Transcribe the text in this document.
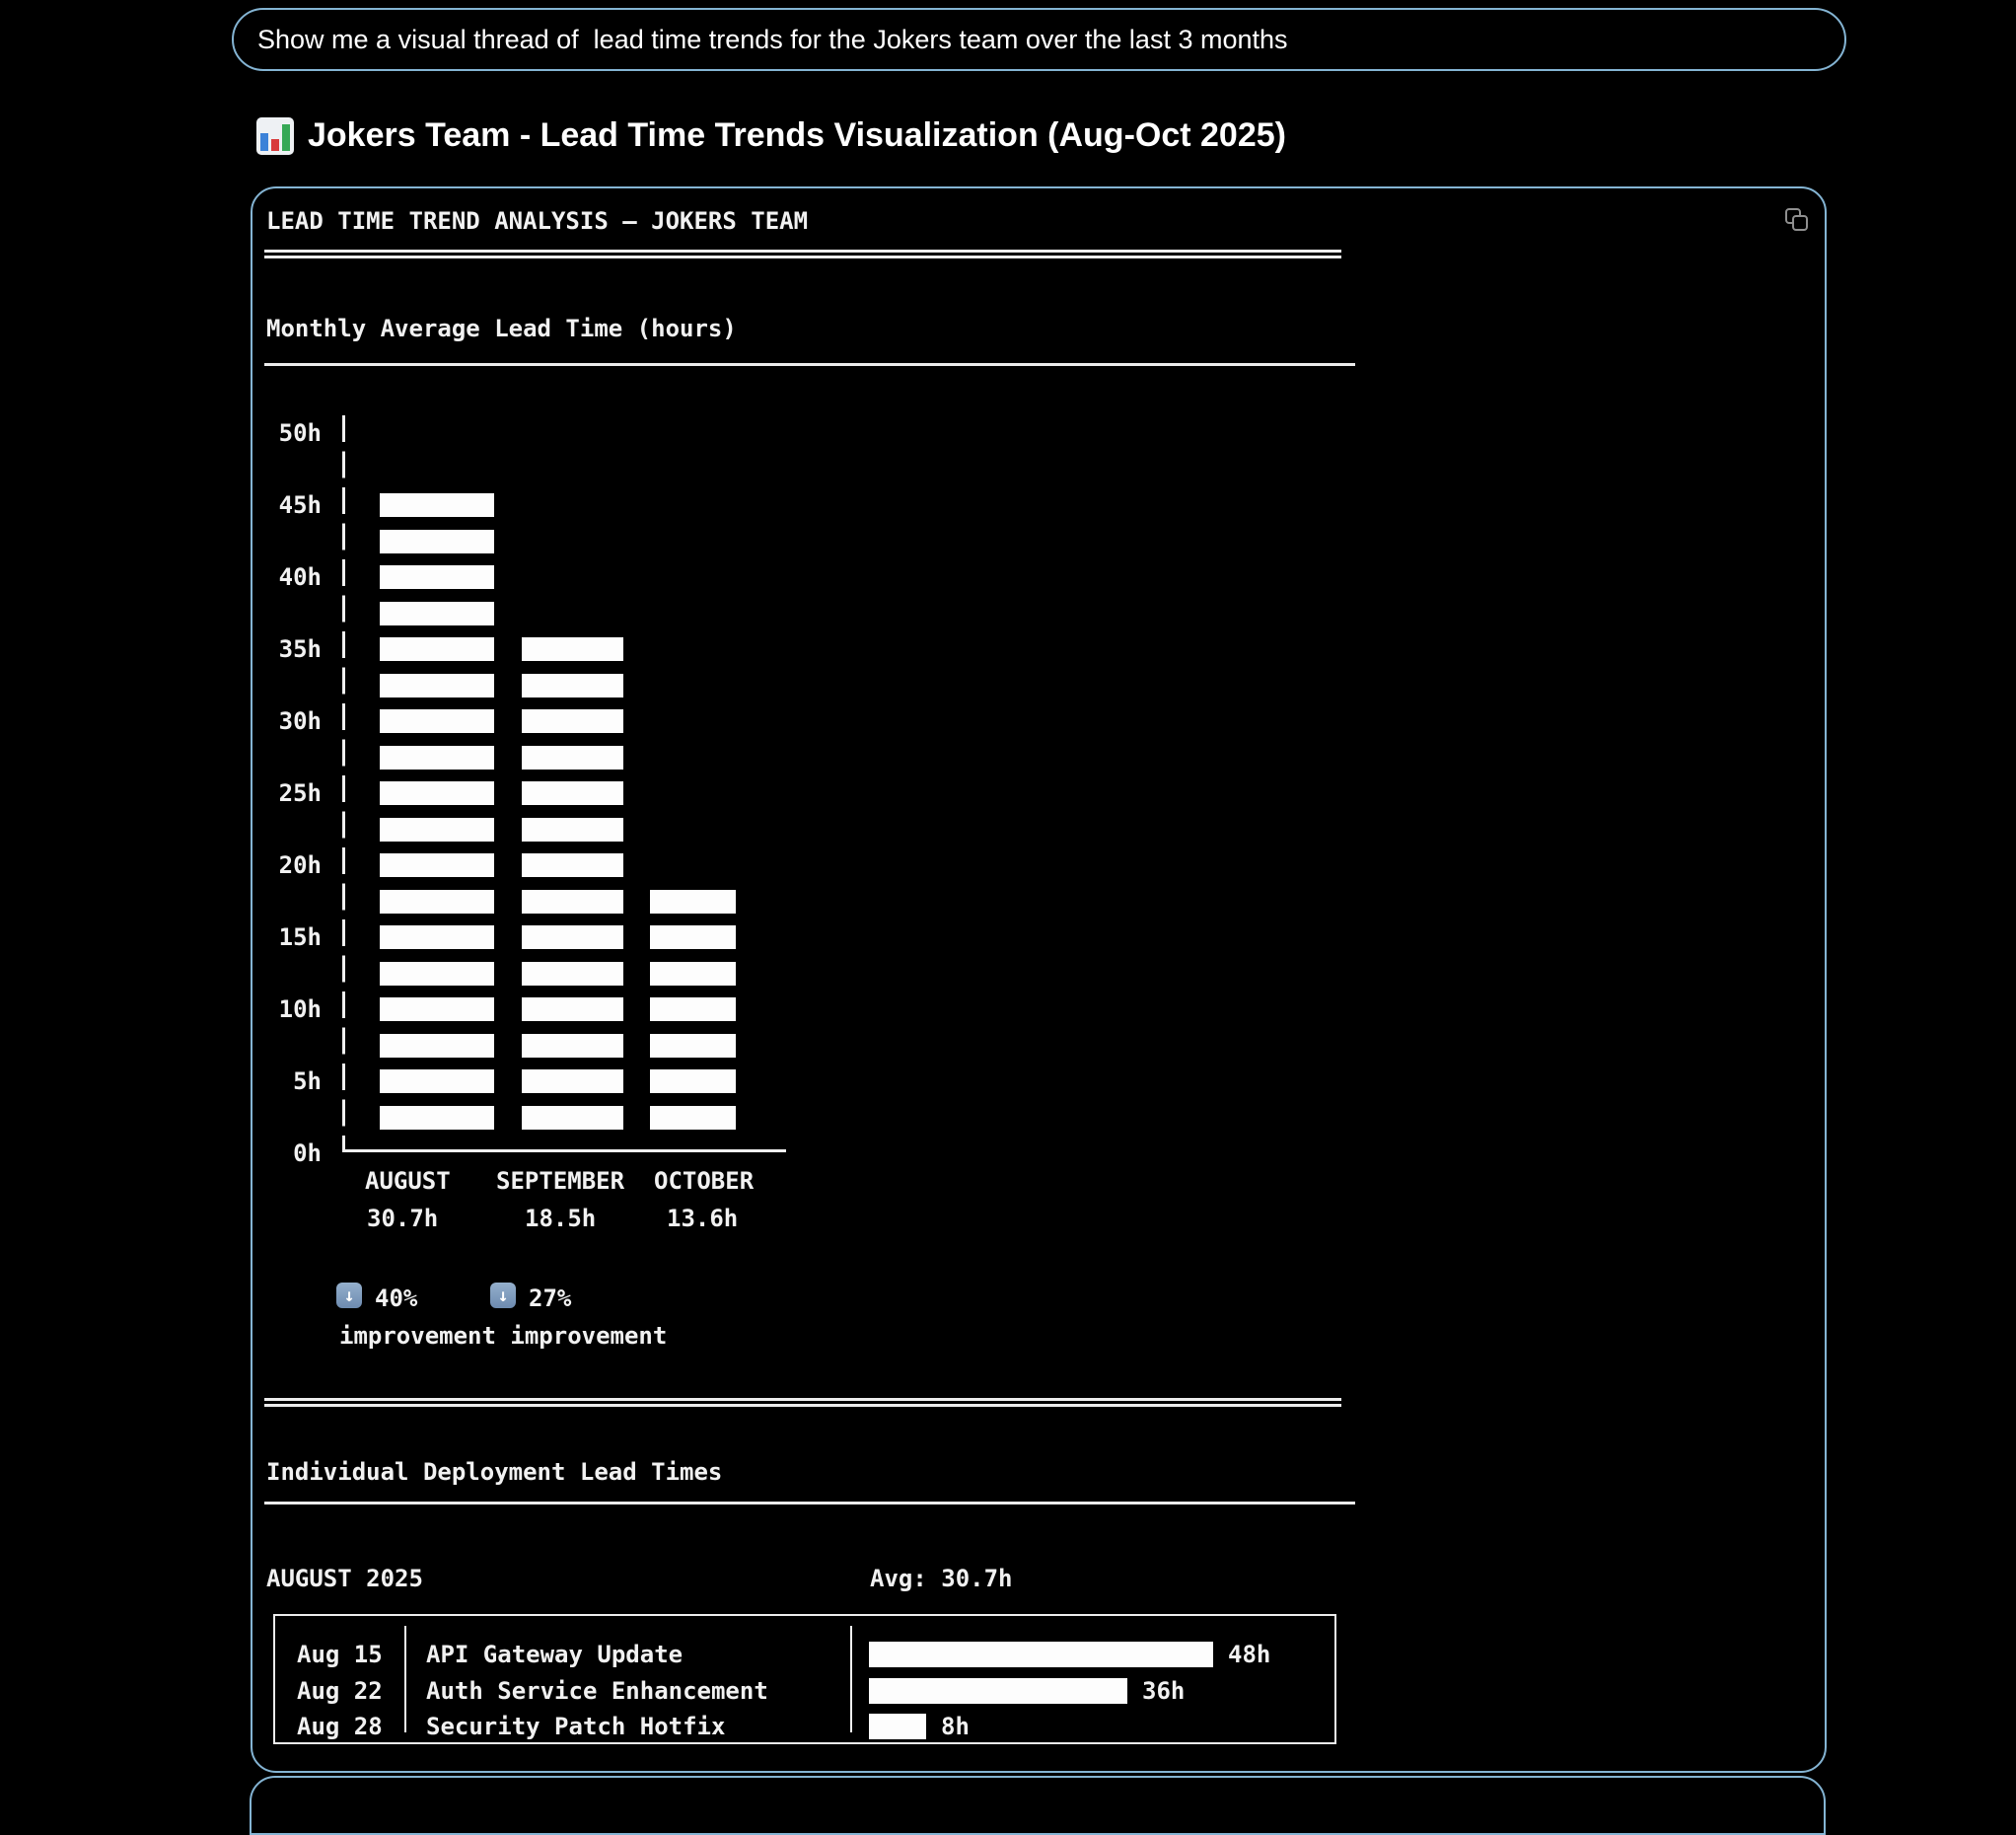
Show me a visual thread of  lead time trends for the Jokers team over the last 3 months
Jokers Team - Lead Time Trends Visualization (Aug-Oct 2025)
LEAD TIME TREND ANALYSIS — JOKERS TEAM
Monthly Average Lead Time (hours)
50h
45h
40h
35h
30h
25h
20h
15h
10h
5h
0h
AUGUST SEPTEMBER OCTOBER
30.7h	18.5h	13.6h
↓ 40%	↓ 27%
improvement improvement
Individual Deployment Lead Times
AUGUST 2025	Avg: 30.7h
Aug 15 API Gateway Update	48h
Aug 22 Auth Service Enhancement	36h
Aug 28 Security Patch Hotfix	8h
